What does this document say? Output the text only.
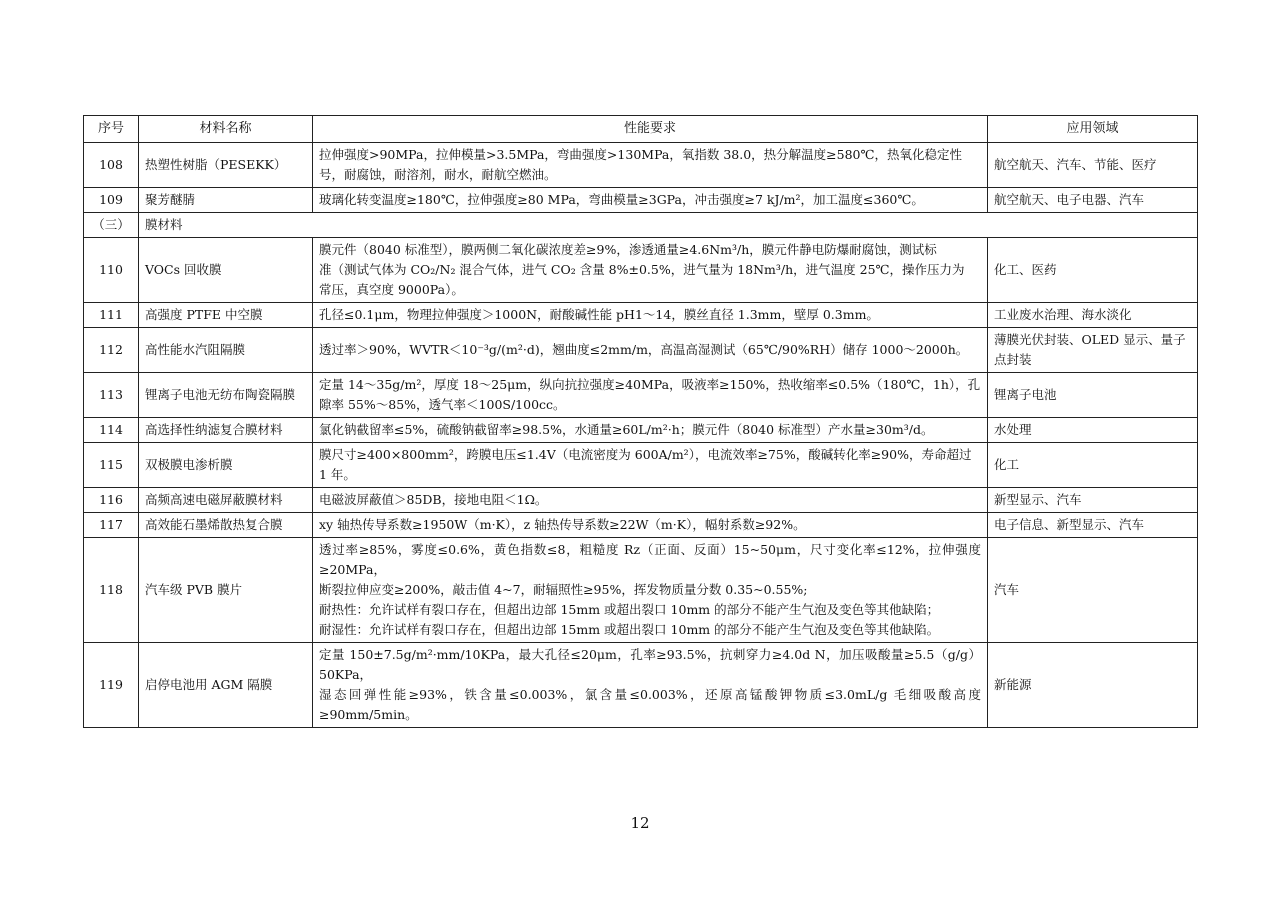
序号	材料名称	性能要求	应用领域
108	热塑性树脂（PESEKK）	拉伸强度>90MPa，拉伸模量>3.5MPa，弯曲强度>130MPa，氧指数 38.0，热分解温度≥580℃，热氧化稳定性
号，耐腐蚀，耐溶剂，耐水，耐航空燃油。	航空航天、汽车、节能、医疗
109	聚芳醚腈	玻璃化转变温度≥180℃，拉伸强度≥80 MPa，弯曲模量≥3GPa，冲击强度≥7 kJ/m²，加工温度≤360℃。	航空航天、电子电器、汽车
（三）	膜材料		
110	VOCs 回收膜	膜元件（8040 标准型），膜两侧二氧化碳浓度差≥9%，渗透通量≥4.6Nm³/h，膜元件静电防爆耐腐蚀，测试标
准（测试气体为 CO₂/N₂ 混合气体，进气 CO₂ 含量 8%±0.5%，进气量为 18Nm³/h，进气温度 25℃，操作压力为
常压，真空度 9000Pa）。	化工、医药
111	高强度 PTFE 中空膜	孔径≤0.1μm，物理拉伸强度＞1000N，耐酸碱性能 pH1～14，膜丝直径 1.3mm，壁厚 0.3mm。	工业废水治理、海水淡化
112	高性能水汽阻隔膜	透过率＞90%，WVTR＜10⁻³g/(m²·d)，翘曲度≤2mm/m，高温高湿测试（65℃/90%RH）储存 1000～2000h。	薄膜光伏封装、OLED 显示、量子点封装
113	锂离子电池无纺布陶瓷隔膜	定量 14～35g/m²，厚度 18～25μm，纵向抗拉强度≥40MPa，吸液率≥150%，热收缩率≤0.5%（180℃，1h），孔
隙率 55%～85%，透气率＜100S/100cc。	锂离子电池
114	高选择性纳滤复合膜材料	氯化钠截留率≤5%，硫酸钠截留率≥98.5%，水通量≥60L/m²·h；膜元件（8040 标准型）产水量≥30m³/d。	水处理
115	双极膜电渗析膜	膜尺寸≥400×800mm²，跨膜电压≤1.4V（电流密度为 600A/m²），电流效率≥75%，酸碱转化率≥90%，寿命超过
1 年。	化工
116	高频高速电磁屏蔽膜材料	电磁波屏蔽值＞85DB，接地电阻＜1Ω。	新型显示、汽车
117	高效能石墨烯散热复合膜	xy 轴热传导系数≥1950W（m·K），z 轴热传导系数≥22W（m·K），幅射系数≥92%。	电子信息、新型显示、汽车
118	汽车级 PVB 膜片	透过率≥85%，雾度≤0.6%，黄色指数≤8，粗糙度 Rz（正面、反面）15~50μm，尺寸变化率≤12%，拉伸强度≥20MPa，
断裂拉伸应变≥200%，敲击值 4~7，耐辐照性≥95%，挥发物质量分数 0.35~0.55%;
耐热性：允许试样有裂口存在，但超出边部 15mm 或超出裂口 10mm 的部分不能产生气泡及变色等其他缺陷；
耐湿性：允许试样有裂口存在，但超出边部 15mm 或超出裂口 10mm 的部分不能产生气泡及变色等其他缺陷。	汽车
119	启停电池用 AGM 隔膜	定量 150±7.5g/m²·mm/10KPa，最大孔径≤20μm，孔率≥93.5%，抗刺穿力≥4.0d N，加压吸酸量≥5.5（g/g）50KPa，
湿态回弹性能≥93%，铁含量≤0.003%，氯含量≤0.003%，还原高锰酸钾物质≤3.0mL/g 毛细吸酸高度≥90mm/5min。	新能源
12
